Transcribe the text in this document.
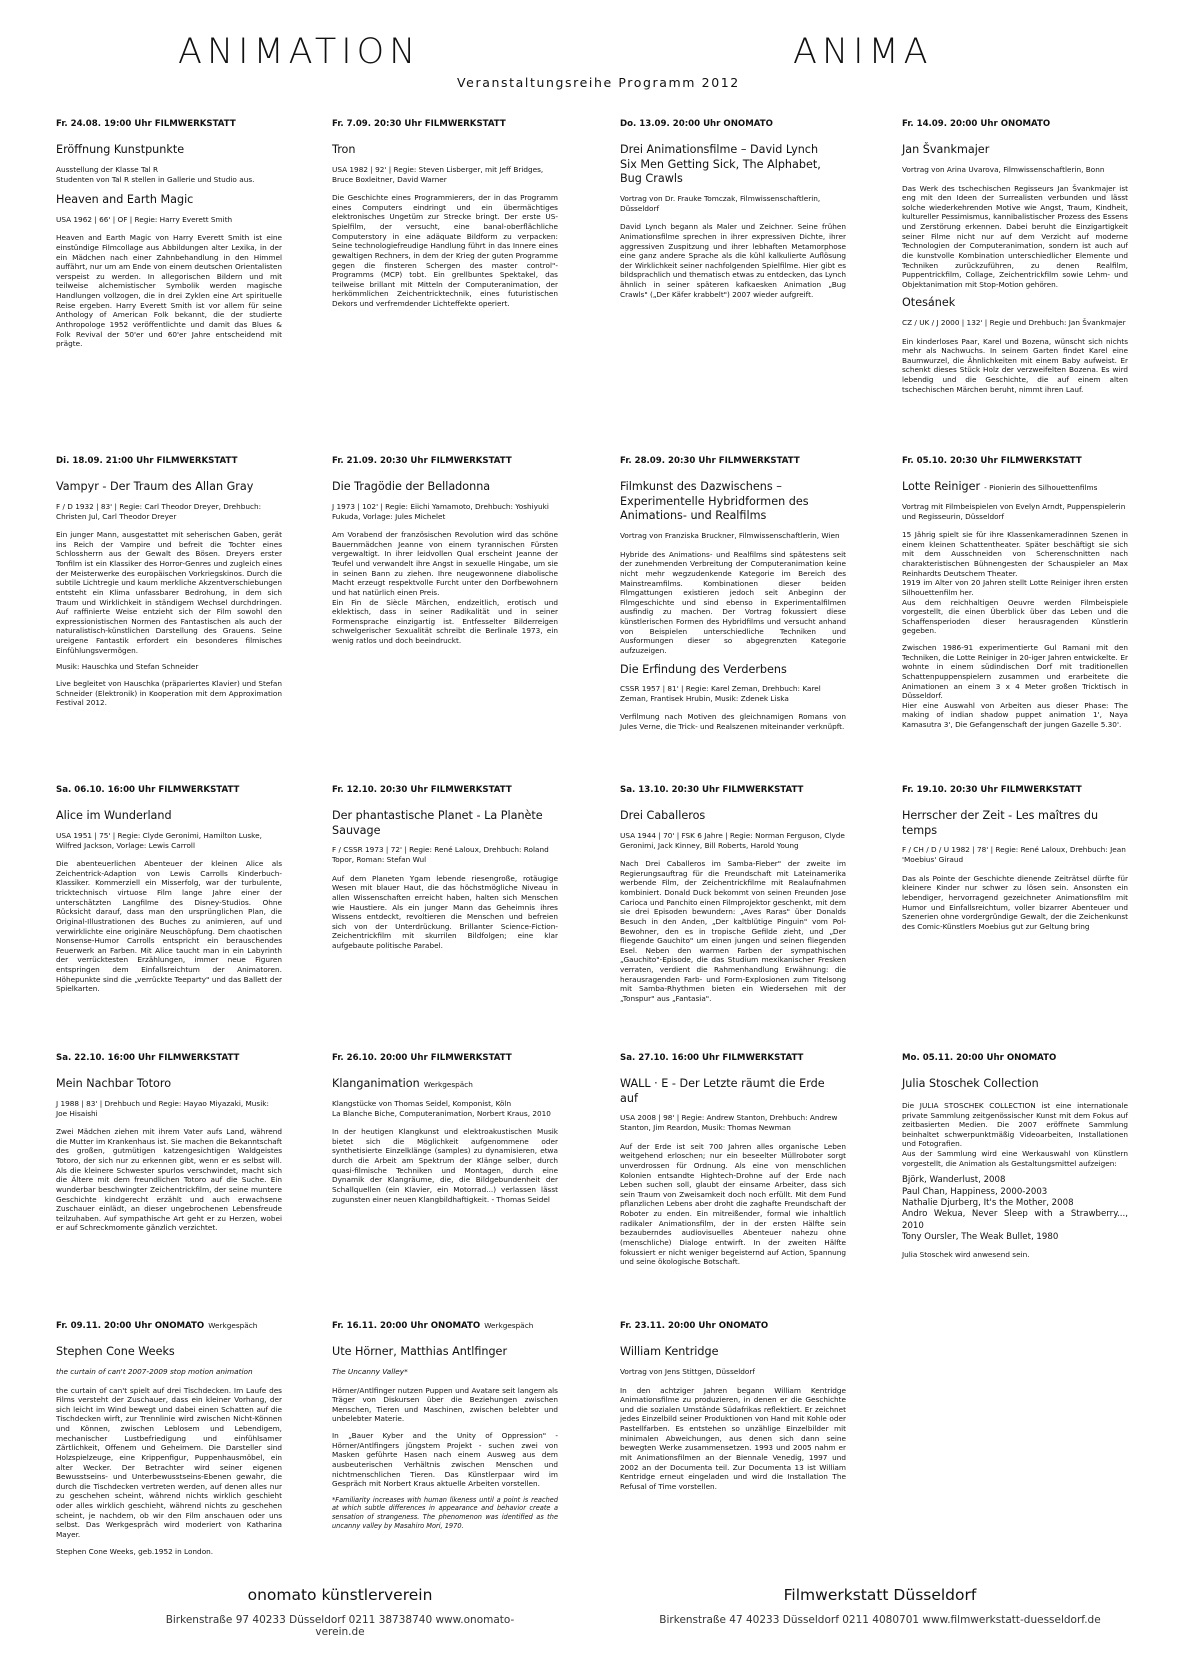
ANIMATION	ANIMA
Veranstaltungsreihe Programm 2012
Fr. 24.08. 19:00 Uhr FILMWERKSTATT
Eröffnung Kunstpunkte
Ausstellung der Klasse Tal R
Studenten von Tal R stellen in Gallerie und Studio aus.
Heaven and Earth Magic
USA 1962 | 66' | OF | Regie: Harry Everett Smith
Heaven and Earth Magic von Harry Everett Smith ist eine einstündige Filmcollage aus Abbildungen alter Lexika, in der ein Mädchen nach einer Zahnbehandlung in den Himmel auffährt, nur um am Ende von einem deutschen Orientalisten verspeist zu werden. In allegorischen Bildern und mit teilweise alchemistischer Symbolik werden magische Handlungen vollzogen, die in drei Zyklen eine Art spirituelle Reise ergeben. Harry Everett Smith ist vor allem für seine Anthology of American Folk bekannt, die der studierte Anthropologe 1952 veröffentlichte und damit das Blues & Folk Revival der 50'er und 60'er Jahre entscheidend mit prägte.
Fr. 7.09. 20:30 Uhr FILMWERKSTATT
Tron
USA 1982 | 92' | Regie: Steven Lisberger, mit Jeff Bridges, Bruce Boxleitner, David Warner
Die Geschichte eines Programmierers, der in das Programm eines Computers eindringt und ein übermächtiges elektronisches Ungetüm zur Strecke bringt. Der erste US-Spielfilm, der versucht, eine banal-oberflächliche Computerstory in eine adäquate Bildform zu verpacken: Seine technologiefreudige Handlung führt in das Innere eines gewaltigen Rechners, in dem der Krieg der guten Programme gegen die finsteren Schergen des master control"-Programms (MCP) tobt. Ein grellbuntes Spektakel, das teilweise brillant mit Mitteln der Computeranimation, der herkömmlichen Zeichentricktechnik, eines futuristischen Dekors und verfremdender Lichteffekte operiert.
Do. 13.09. 20:00 Uhr ONOMATO
Drei Animationsfilme – David Lynch
Six Men Getting Sick, The Alphabet, Bug Crawls
Vortrag von Dr. Frauke Tomczak, Filmwissenschaftlerin, Düsseldorf
David Lynch begann als Maler und Zeichner. Seine frühen Animationsfilme sprechen in ihrer expressiven Dichte, ihrer aggressiven Zuspitzung und ihrer lebhaften Metamorphose eine ganz andere Sprache als die kühl kalkulierte Auflösung der Wirklichkeit seiner nachfolgenden Spielfilme. Hier gibt es bildsprachlich und thematisch etwas zu entdecken, das Lynch ähnlich in seiner späteren kafkaesken Animation „Bug Crawls" („Der Käfer krabbelt") 2007 wieder aufgreift.
Fr. 14.09. 20:00 Uhr ONOMATO
Jan Švankmajer
Vortrag von Arina Uvarova, Filmwissenschaftlerin, Bonn
Das Werk des tschechischen Regisseurs Jan Švankmajer ist eng mit den Ideen der Surrealisten verbunden und lässt solche wiederkehrenden Motive wie Angst, Traum, Kindheit, kultureller Pessimismus, kannibalistischer Prozess des Essens und Zerstörung erkennen. Dabei beruht die Einzigartigkeit seiner Filme nicht nur auf dem Verzicht auf moderne Technologien der Computeranimation, sondern ist auch auf die kunstvolle Kombination unterschiedlicher Elemente und Techniken zurückzuführen, zu denen Realfilm, Puppentrickfilm, Collage, Zeichentrickfilm sowie Lehm- und Objektanimation mit Stop-Motion gehören.
Otesánek
CZ / UK / J 2000 | 132' | Regie und Drehbuch: Jan Švankmajer
Ein kinderloses Paar, Karel und Bozena, wünscht sich nichts mehr als Nachwuchs. In seinem Garten findet Karel eine Baumwurzel, die Ähnlichkeiten mit einem Baby aufweist. Er schenkt dieses Stück Holz der verzweifelten Bozena. Es wird lebendig und die Geschichte, die auf einem alten tschechischen Märchen beruht, nimmt ihren Lauf.
Di. 18.09. 21:00 Uhr FILMWERKSTATT
Vampyr - Der Traum des Allan Gray
F / D 1932 | 83' | Regie: Carl Theodor Dreyer, Drehbuch: Christen Jul, Carl Theodor Dreyer
Ein junger Mann, ausgestattet mit seherischen Gaben, gerät ins Reich der Vampire und befreit die Tochter eines Schlossherrn aus der Gewalt des Bösen. Dreyers erster Tonfilm ist ein Klassiker des Horror-Genres und zugleich eines der Meisterwerke des europäischen Vorkriegskinos. Durch die subtile Lichtregie und kaum merkliche Akzentverschiebungen entsteht ein Klima unfassbarer Bedrohung, in dem sich Traum und Wirklichkeit in ständigem Wechsel durchdringen. Auf raffinierte Weise entzieht sich der Film sowohl den expressionistischen Normen des Fantastischen als auch der naturalistisch-künstlichen Darstellung des Grauens. Seine ureigene Fantastik erfordert ein besonderes filmisches Einfühlungsvermögen.
Musik: Hauschka und Stefan Schneider
Live begleitet von Hauschka (präpariertes Klavier) und Stefan Schneider (Elektronik) in Kooperation mit dem Approximation Festival 2012.
Fr. 21.09. 20:30 Uhr FILMWERKSTATT
Die Tragödie der Belladonna
J 1973 | 102' | Regie: Eiichi Yamamoto, Drehbuch: Yoshiyuki Fukuda, Vorlage: Jules Michelet
Am Vorabend der französischen Revolution wird das schöne Bauernmädchen Jeanne von einem tyrannischen Fürsten vergewaltigt. In ihrer leidvollen Qual erscheint Jeanne der Teufel und verwandelt ihre Angst in sexuelle Hingabe, um sie in seinen Bann zu ziehen. Ihre neugewonnene diabolische Macht erzeugt respektvolle Furcht unter den Dorfbewohnern und hat natürlich einen Preis.
Ein Fin de Siècle Märchen, endzeitlich, erotisch und eklektisch, dass in seiner Radikalität und in seiner Formensprache einzigartig ist. Entfesselter Bilderreigen schwelgerischer Sexualität schreibt die Berlinale 1973, ein wenig ratlos und doch beeindruckt.
Fr. 28.09. 20:30 Uhr FILMWERKSTATT
Filmkunst des Dazwischens – Experimentelle Hybridformen des Animations- und Realfilms
Vortrag von Franziska Bruckner, Filmwissenschaftlerin, Wien
Hybride des Animations- und Realfilms sind spätestens seit der zunehmenden Verbreitung der Computeranimation keine nicht mehr wegzudenkende Kategorie im Bereich des Mainstreamfilms. Kombinationen dieser beiden Filmgattungen existieren jedoch seit Anbeginn der Filmgeschichte und sind ebenso in Experimentalfilmen ausfindig zu machen. Der Vortrag fokussiert diese künstlerischen Formen des Hybridfilms und versucht anhand von Beispielen unterschiedliche Techniken und Ausformungen dieser so abgegrenzten Kategorie aufzuzeigen.
Die Erfindung des Verderbens
CSSR 1957 | 81' | Regie: Karel Zeman, Drehbuch: Karel Zeman, Frantisek Hrubin, Musik: Zdenek Liska
Verfilmung nach Motiven des gleichnamigen Romans von Jules Verne, die Trick- und Realszenen miteinander verknüpft.
Fr. 05.10. 20:30 Uhr FILMWERKSTATT
Lotte Reiniger - Pionierin des Silhouettenfilms
Vortrag mit Filmbeispielen von Evelyn Arndt, Puppenspielerin und Regisseurin, Düsseldorf
15 Jährig spielt sie für ihre Klassenkameradinnen Szenen in einem kleinen Schattentheater. Später beschäftigt sie sich mit dem Ausschneiden von Scherenschnitten nach charakteristischen Bühnengesten der Schauspieler an Max Reinhardts Deutschem Theater.
1919 im Alter von 20 Jahren stellt Lotte Reiniger ihren ersten Silhouettenfilm her.
Aus dem reichhaltigen Oeuvre werden Filmbeispiele vorgestellt, die einen Überblick über das Leben und die Schaffensperioden dieser herausragenden Künstlerin gegeben.
Zwischen 1986-91 experimentierte Gul Ramani mit den Techniken, die Lotte Reiniger in 20-iger Jahren entwickelte. Er wohnte in einem südindischen Dorf mit traditionellen Schattenpuppenspielern zusammen und erarbeitete die Animationen an einem 3 x 4 Meter großen Tricktisch in Düsseldorf.
Hier eine Auswahl von Arbeiten aus dieser Phase: The making of indian shadow puppet animation 1', Naya Kamasutra 3', Die Gefangenschaft der jungen Gazelle 5.30'.
Sa. 06.10. 16:00 Uhr FILMWERKSTATT
Alice im Wunderland
USA 1951 | 75' | Regie: Clyde Geronimi, Hamilton Luske, Wilfred Jackson, Vorlage: Lewis Carroll
Die abenteuerlichen Abenteuer der kleinen Alice als Zeichentrick-Adaption von Lewis Carrolls Kinderbuch-Klassiker. Kommerziell ein Misserfolg, war der turbulente, tricktechnisch virtuose Film lange Jahre einer der unterschätzten Langfilme des Disney-Studios. Ohne Rücksicht darauf, dass man den ursprünglichen Plan, die Original-Illustrationen des Buches zu animieren, auf und verwirklichte eine originäre Neuschöpfung. Dem chaotischen Nonsense-Humor Carrolls entspricht ein berauschendes Feuerwerk an Farben. Mit Alice taucht man in ein Labyrinth der verrücktesten Erzählungen, immer neue Figuren entspringen dem Einfallsreichtum der Animatoren. Höhepunkte sind die „verrückte Teeparty" und das Ballett der Spielkarten.
Fr. 12.10. 20:30 Uhr FILMWERKSTATT
Der phantastische Planet - La Planète Sauvage
F / CSSR 1973 | 72' | Regie: René Laloux, Drehbuch: Roland Topor, Roman: Stefan Wul
Auf dem Planeten Ygam lebende riesengroße, rotäugige Wesen mit blauer Haut, die das höchstmögliche Niveau in allen Wissenschaften erreicht haben, halten sich Menschen wie Haustiere. Als ein junger Mann das Geheimnis ihres Wissens entdeckt, revoltieren die Menschen und befreien sich von der Unterdrückung. Brillanter Science-Fiction-Zeichentrickfilm mit skurrilen Bildfolgen; eine klar aufgebaute politische Parabel.
Sa. 13.10. 20:30 Uhr FILMWERKSTATT
Drei Caballeros
USA 1944 | 70' | FSK 6 Jahre | Regie: Norman Ferguson, Clyde Geronimi, Jack Kinney, Bill Roberts, Harold Young
Nach Drei Caballeros im Samba-Fieber" der zweite im Regierungsauftrag für die Freundschaft mit Lateinamerika werbende Film, der Zeichentrickfilme mit Realaufnahmen kombiniert. Donald Duck bekommt von seinen Freunden Jose Carioca und Panchito einen Filmprojektor geschenkt, mit dem sie drei Episoden bewundern: „Aves Raras" über Donalds Besuch in den Anden, „Der kaltblütige Pinguin" vom Pol-Bewohner, den es in tropische Gefilde zieht, und „Der fliegende Gauchito" um einen jungen und seinen fliegenden Esel. Neben den warmen Farben der sympathischen „Gauchito"-Episode, die das Studium mexikanischer Fresken verraten, verdient die Rahmenhandlung Erwähnung: die herausragenden Farb- und Form-Explosionen zum Titelsong mit Samba-Rhythmen bieten ein Wiedersehen mit der „Tonspur" aus „Fantasia".
Fr. 19.10. 20:30 Uhr FILMWERKSTATT
Herrscher der Zeit - Les maîtres du temps
F / CH / D / U 1982 | 78' | Regie: René Laloux, Drehbuch: Jean 'Moebius' Giraud
Das als Pointe der Geschichte dienende Zeiträtsel dürfte für kleinere Kinder nur schwer zu lösen sein. Ansonsten ein lebendiger, hervorragend gezeichneter Animationsfilm mit Humor und Einfallsreichtum, voller bizarrer Abenteuer und Szenerien ohne vordergründige Gewalt, der die Zeichenkunst des Comic-Künstlers Moebius gut zur Geltung bring
Sa. 22.10. 16:00 Uhr FILMWERKSTATT
Mein Nachbar Totoro
J 1988 | 83' | Drehbuch und Regie: Hayao Miyazaki, Musik: Joe Hisaishi
Zwei Mädchen ziehen mit ihrem Vater aufs Land, während die Mutter im Krankenhaus ist. Sie machen die Bekanntschaft des großen, gutmütigen katzengesichtigen Waldgeistes Totoro, der sich nur zu erkennen gibt, wenn er es selbst will. Als die kleinere Schwester spurlos verschwindet, macht sich die Ältere mit dem freundlichen Totoro auf die Suche. Ein wunderbar beschwingter Zeichentrickfilm, der seine muntere Geschichte kindgerecht erzählt und auch erwachsene Zuschauer einlädt, an dieser ungebrochenen Lebensfreude teilzuhaben. Auf sympathische Art geht er zu Herzen, wobei er auf Schreckmomente gänzlich verzichtet.
Fr. 26.10. 20:00 Uhr FILMWERKSTATT
Klanganimation Werkgespäch
Klangstücke von Thomas Seidel, Komponist, Köln
La Blanche Biche, Computeranimation, Norbert Kraus, 2010
In der heutigen Klangkunst und elektroakustischen Musik bietet sich die Möglichkeit aufgenommene oder synthetisierte Einzelklänge (samples) zu dynamisieren, etwa durch die Arbeit am Spektrum der Klänge selber, durch quasi-filmische Techniken und Montagen, durch eine Dynamik der Klangräume, die, die Bildgebundenheit der Schallquellen (ein Klavier, ein Motorrad...) verlassen lässt zugunsten einer neuen Klangbildhaftigkeit. - Thomas Seidel
Sa. 27.10. 16:00 Uhr FILMWERKSTATT
WALL · E - Der Letzte räumt die Erde auf
USA 2008 | 98' | Regie: Andrew Stanton, Drehbuch: Andrew Stanton, Jim Reardon, Musik: Thomas Newman
Auf der Erde ist seit 700 Jahren alles organische Leben weitgehend erloschen; nur ein beseelter Müllroboter sorgt unverdrossen für Ordnung. Als eine von menschlichen Kolonien entsandte Hightech-Drohne auf der Erde nach Leben suchen soll, glaubt der einsame Arbeiter, dass sich sein Traum von Zweisamkeit doch noch erfüllt. Mit dem Fund pflanzlichen Lebens aber droht die zaghafte Freundschaft der Roboter zu enden. Ein mitreißender, formal wie inhaltlich radikaler Animationsfilm, der in der ersten Hälfte sein bezauberndes audiovisuelles Abenteuer nahezu ohne (menschliche) Dialoge entwirft. In der zweiten Hälfte fokussiert er nicht weniger begeisternd auf Action, Spannung und seine ökologische Botschaft.
Mo. 05.11. 20:00 Uhr ONOMATO
Julia Stoschek Collection
Die JULIA STOSCHEK COLLECTION ist eine internationale private Sammlung zeitgenössischer Kunst mit dem Fokus auf zeitbasierten Medien. Die 2007 eröffnete Sammlung beinhaltet schwerpunktmäßig Videoarbeiten, Installationen und Fotografien.
Aus der Sammlung wird eine Werkauswahl von Künstlern vorgestellt, die Animation als Gestaltungsmittel aufzeigen:
Björk, Wanderlust, 2008
Paul Chan, Happiness, 2000-2003
Nathalie Djurberg, It's the Mother, 2008
Andro Wekua, Never Sleep with a Strawberry..., 2010
Tony Oursler, The Weak Bullet, 1980
Julia Stoschek wird anwesend sein.
Fr. 09.11. 20:00 Uhr ONOMATO Werkgespäch
Stephen Cone Weeks
the curtain of can't 2007-2009 stop motion animation
the curtain of can't spielt auf drei Tischdecken. Im Laufe des Films versteht der Zuschauer, dass ein kleiner Vorhang, der sich leicht im Wind bewegt und dabei einen Schatten auf die Tischdecken wirft, zur Trennlinie wird zwischen Nicht-Können und Können, zwischen Leblosem und Lebendigem, mechanischer Lustbefriedigung und einfühlsamer Zärtlichkeit, Offenem und Geheimem. Die Darsteller sind Holzspielzeuge, eine Krippenfigur, Puppenhausmöbel, ein alter Wecker. Der Betrachter wird seiner eigenen Bewusstseins- und Unterbewusstseins-Ebenen gewahr, die durch die Tischdecken vertreten werden, auf denen alles nur zu geschehen scheint, während nichts wirklich geschieht oder alles wirklich geschieht, während nichts zu geschehen scheint, je nachdem, ob wir den Film anschauen oder uns selbst. Das Werkgespräch wird moderiert von Katharina Mayer.
Stephen Cone Weeks, geb.1952 in London.
Fr. 16.11. 20:00 Uhr ONOMATO Werkgespäch
Ute Hörner, Matthias Antlfinger
The Uncanny Valley*
Hörner/Antlfinger nutzen Puppen und Avatare seit langem als Träger von Diskursen über die Beziehungen zwischen Menschen, Tieren und Maschinen, zwischen belebter und unbelebter Materie.
In „Bauer Kyber and the Unity of Oppression" - Hörner/Antlfingers jüngstem Projekt - suchen zwei von Masken geführte Hasen nach einem Ausweg aus dem ausbeuterischen Verhältnis zwischen Menschen und nichtmenschlichen Tieren. Das Künstlerpaar wird im Gespräch mit Norbert Kraus aktuelle Arbeiten vorstellen.
*Familiarity increases with human likeness until a point is reached at which subtle differences in appearance and behavior create a sensation of strangeness. The phenomenon was identified as the uncanny valley by Masahiro Mori, 1970.
Fr. 23.11. 20:00 Uhr ONOMATO
William Kentridge
Vortrag von Jens Stittgen, Düsseldorf
In den achtziger Jahren begann William Kentridge Animationsfilme zu produzieren, in denen er die Geschichte und die sozialen Umstände Südafrikas reflektiert. Er zeichnet jedes Einzelbild seiner Produktionen von Hand mit Kohle oder Pastellfarben. Es entstehen so unzählige Einzelbilder mit minimalen Abweichungen, aus denen sich dann seine bewegten Werke zusammensetzen. 1993 und 2005 nahm er mit Animationsfilmen an der Biennale Venedig, 1997 und 2002 an der Documenta teil. Zur Documenta 13 ist William Kentridge erneut eingeladen und wird die Installation The Refusal of Time vorstellen.
onomato künstlerverein
Birkenstraße 97 40233 Düsseldorf 0211 38738740 www.onomato-verein.de
Filmwerkstatt Düsseldorf
Birkenstraße 47 40233 Düsseldorf 0211 4080701 www.filmwerkstatt-duesseldorf.de
